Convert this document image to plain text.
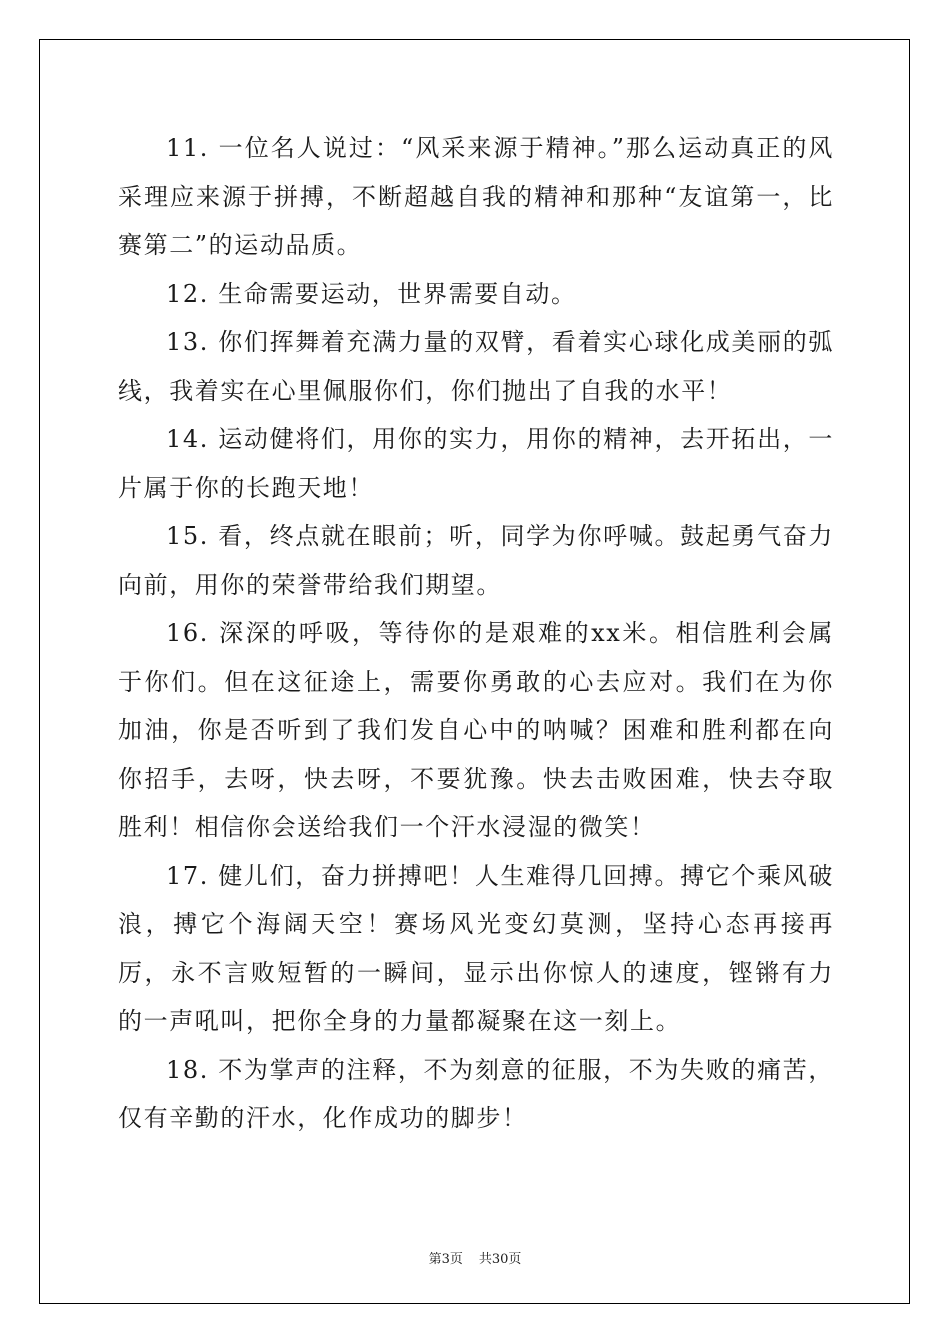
11. 一位名人说过：“风采来源于精神。”那么运动真正的风采理应来源于拼搏，不断超越自我的精神和那种“友谊第一，比赛第二”的运动品质。

12. 生命需要运动，世界需要自动。

13. 你们挥舞着充满力量的双臂，看着实心球化成美丽的弧线，我着实在心里佩服你们，你们抛出了自我的水平！

14. 运动健将们，用你的实力，用你的精神，去开拓出，一片属于你的长跑天地！

15. 看，终点就在眼前；听，同学为你呼喊。鼓起勇气奋力向前，用你的荣誉带给我们期望。

16. 深深的呼吸，等待你的是艰难的xx米。相信胜利会属于你们。但在这征途上，需要你勇敢的心去应对。我们在为你加油，你是否听到了我们发自心中的呐喊？困难和胜利都在向你招手，去呀，快去呀，不要犹豫。快去击败困难，快去夺取胜利！相信你会送给我们一个汗水浸湿的微笑！

17. 健儿们，奋力拼搏吧！人生难得几回搏。搏它个乘风破浪，搏它个海阔天空！赛场风光变幻莫测，坚持心态再接再厉，永不言败短暂的一瞬间，显示出你惊人的速度，铿锵有力的一声吼叫，把你全身的力量都凝聚在这一刻上。

18. 不为掌声的注释，不为刻意的征服，不为失败的痛苦，仅有辛勤的汗水，化作成功的脚步！

第3页 共30页
